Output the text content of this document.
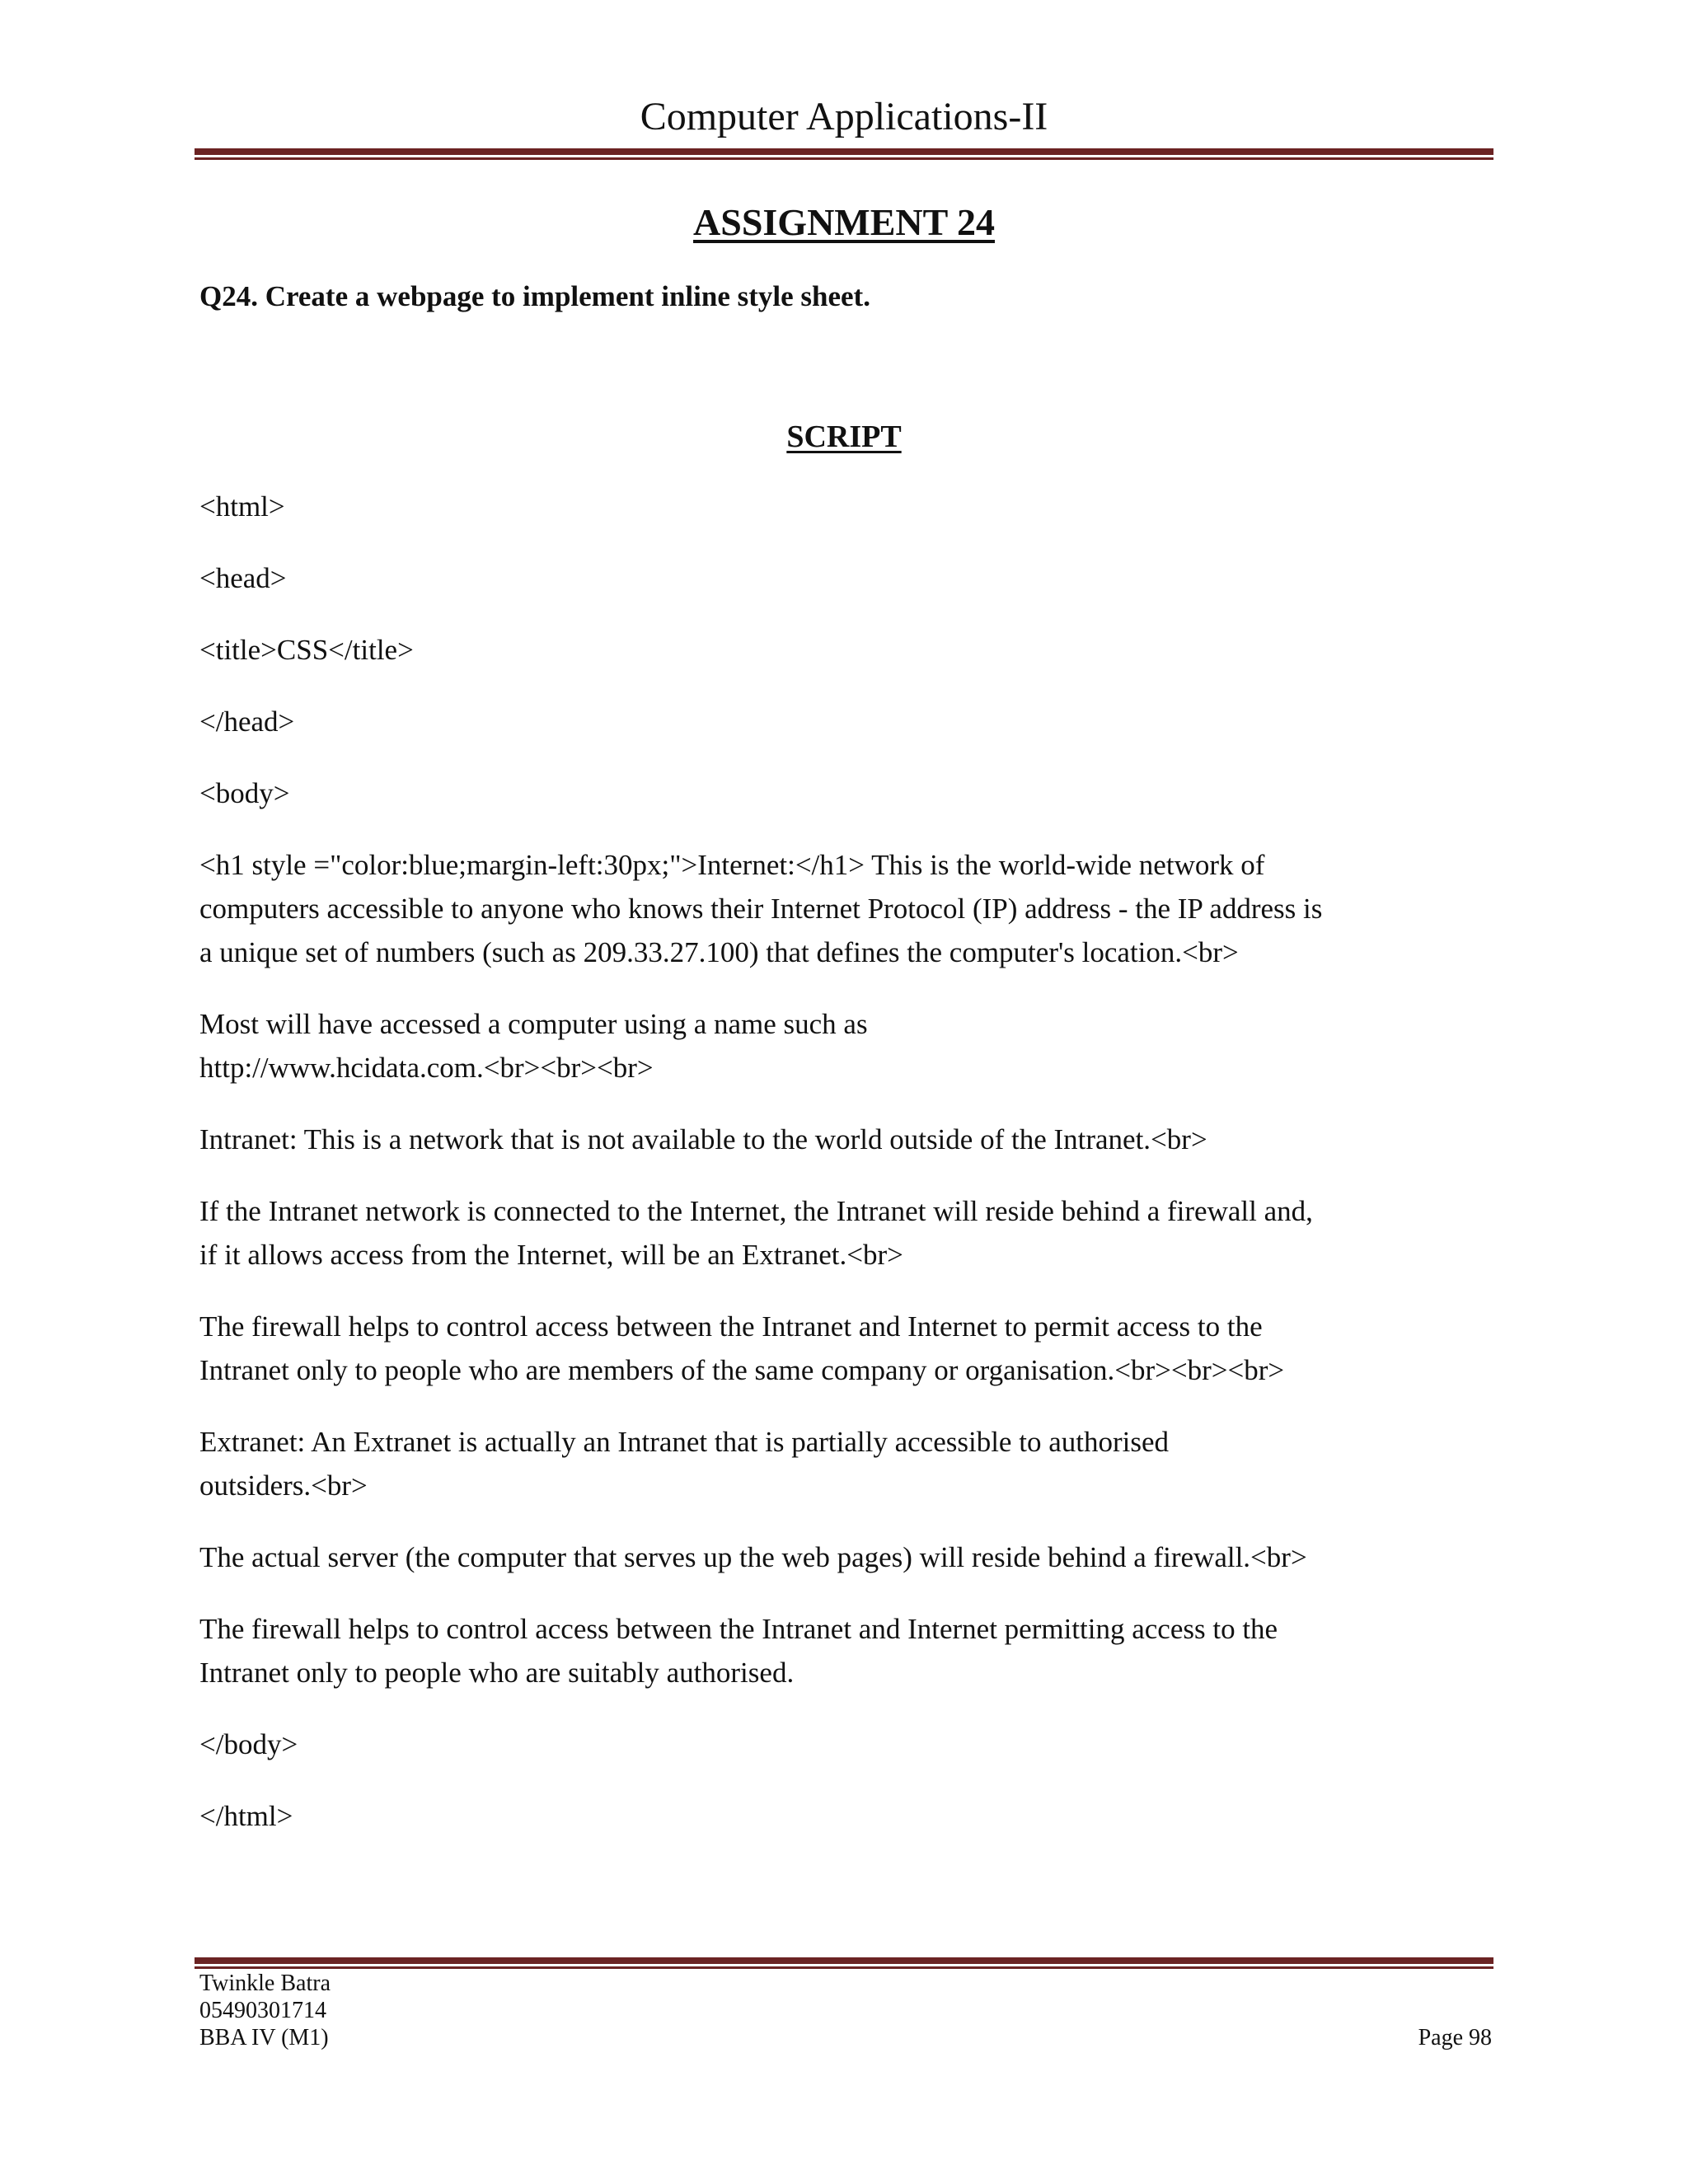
Computer Applications-II
ASSIGNMENT 24
Q24. Create a webpage to implement inline style sheet.
SCRIPT

<html>

<head>

<title>CSS</title>

</head>

<body>

<h1 style ="color:blue;margin-left:30px;">Internet:</h1> This is the world-wide network of

computers accessible to anyone who knows their Internet Protocol (IP) address - the IP address is

a unique set of numbers (such as 209.33.27.100) that defines the computer's location.<br>

Most will have accessed a computer using a name such as

http://www.hcidata.com.<br><br><br>

Intranet: This is a network that is not available to the world outside of the Intranet.<br>

If the Intranet network is connected to the Internet, the Intranet will reside behind a firewall and,

if it allows access from the Internet, will be an Extranet.<br>

The firewall helps to control access between the Intranet and Internet to permit access to the

Intranet only to people who are members of the same company or organisation.<br><br><br>

Extranet: An Extranet is actually an Intranet that is partially accessible to authorised

outsiders.<br>

The actual server (the computer that serves up the web pages) will reside behind a firewall.<br>

The firewall helps to control access between the Intranet and Internet permitting access to the

Intranet only to people who are suitably authorised.

</body>

</html>

Twinkle Batra
05490301714
BBA IV (M1)	Page 98
